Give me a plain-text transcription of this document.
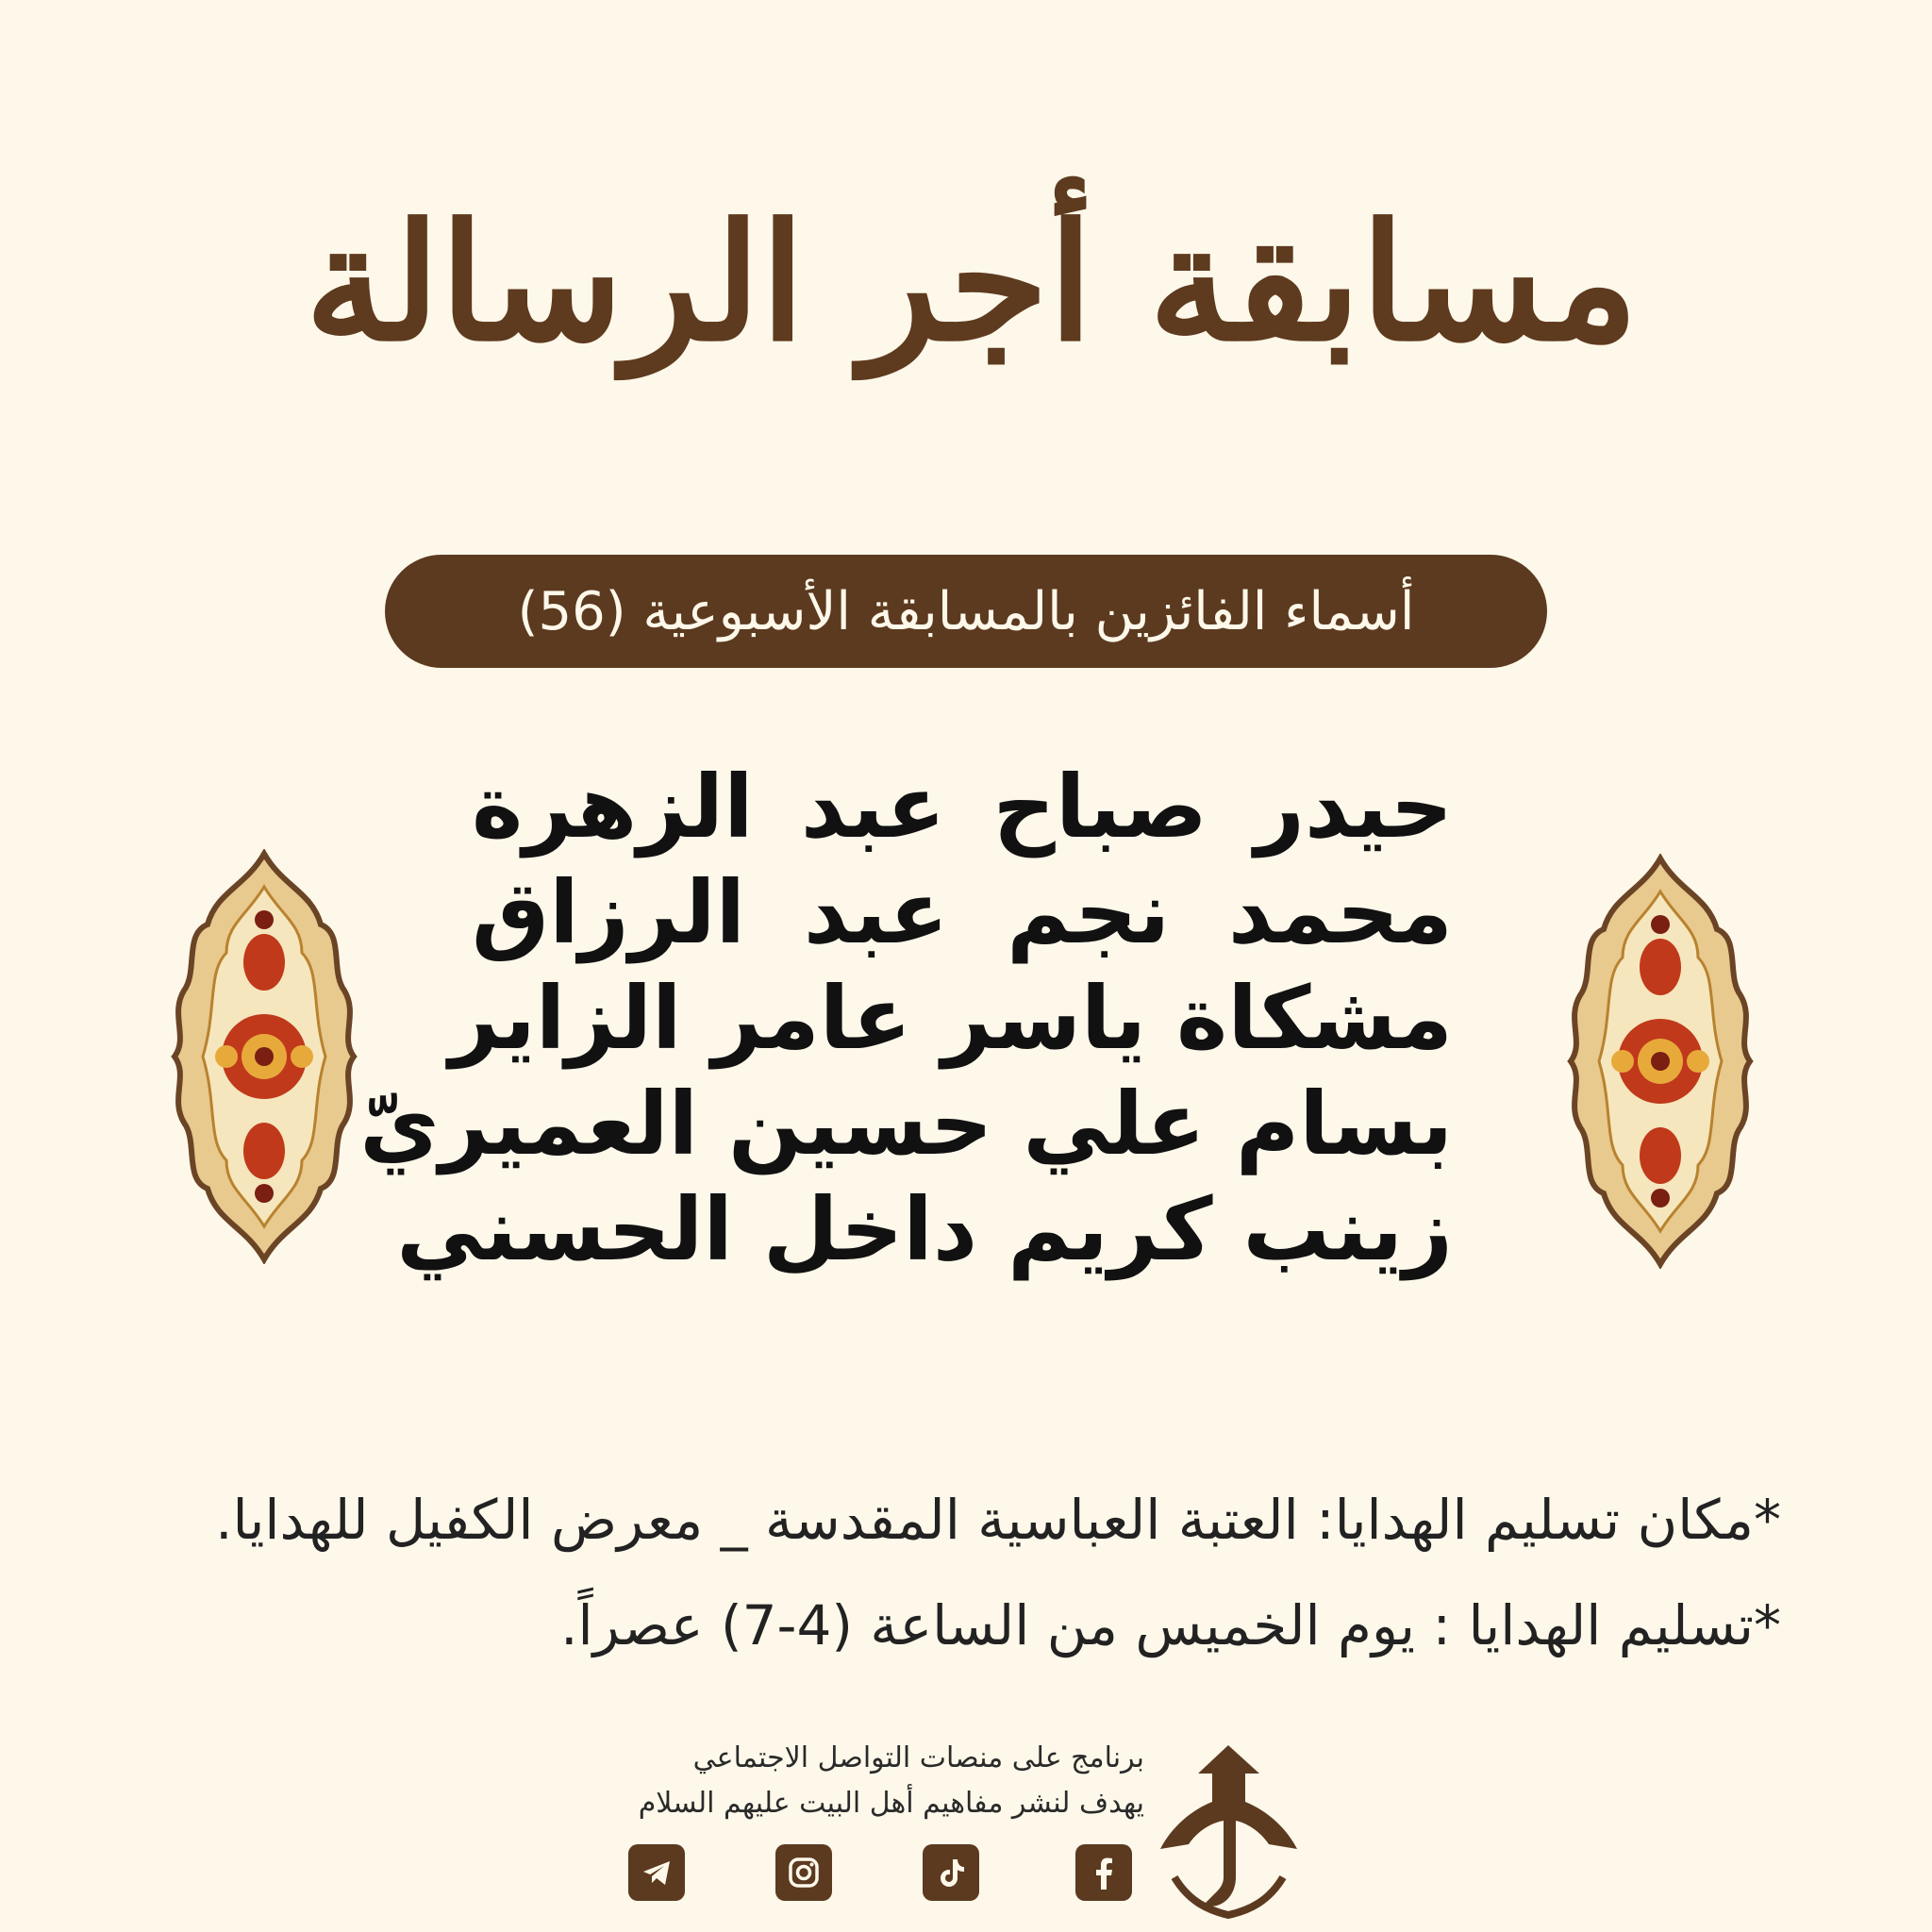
مسابقة أجر الرسالة
أسماء الفائزين بالمسابقة الأسبوعية (56)
حيدر صباح عبد الزهرة
محمد نجم عبد الرزاق
مشكاة ياسر عامر الزاير
بسام علي حسين العميريّ
زينب كريم داخل الحسني
*مكان تسليم الهدايا: العتبة العباسية المقدسة _ معرض الكفيل للهدايا.
*تسليم الهدايا : يوم الخميس من الساعة (4-7) عصراً.
برنامج على منصات التواصل الاجتماعي
يهدف لنشر مفاهيم أهل البيت عليهم السلام
